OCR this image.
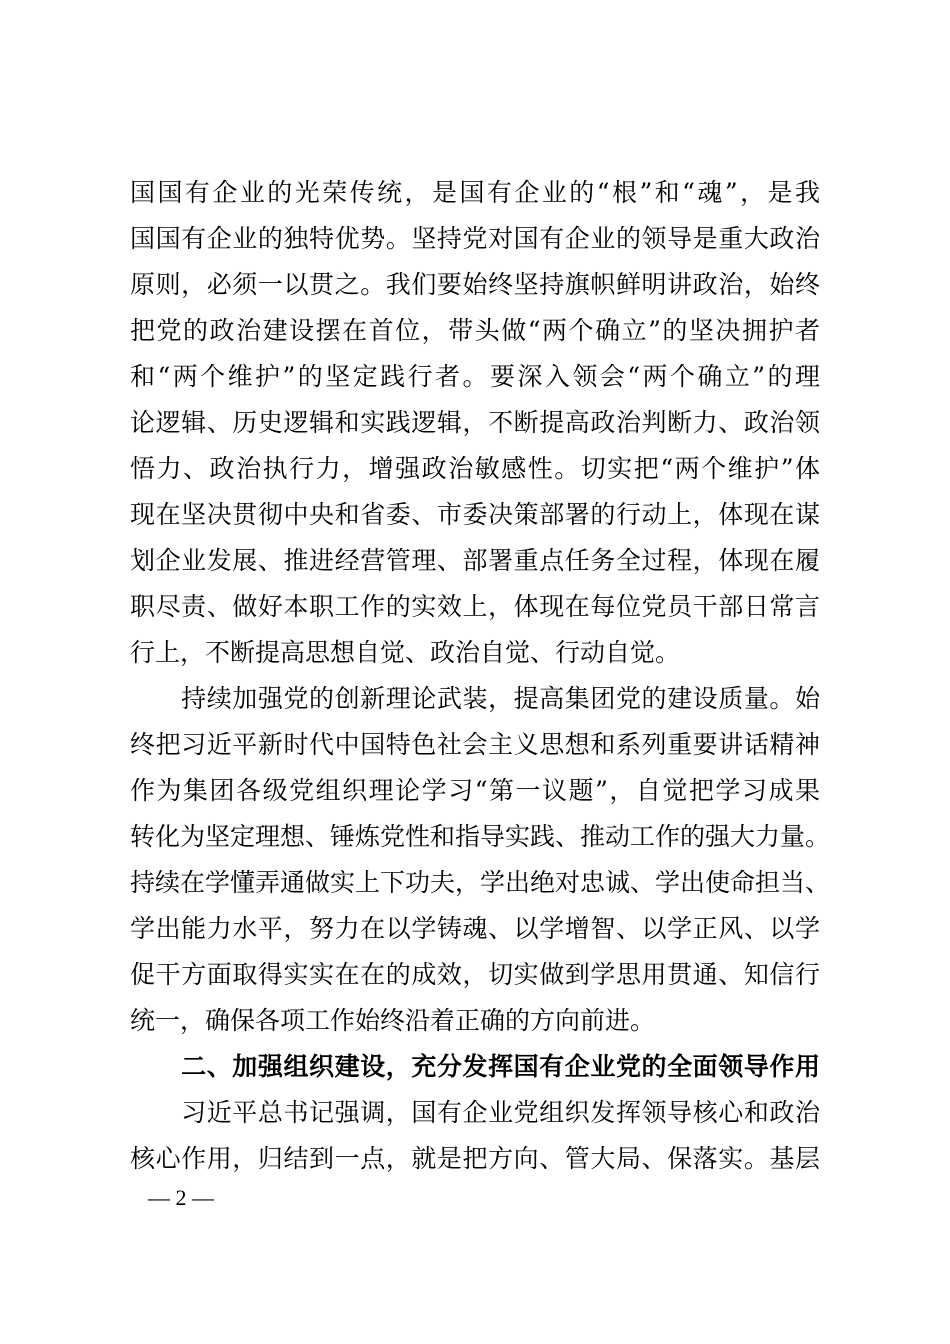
国国有企业的光荣传统，是国有企业的“根”和“魂”，是我
国国有企业的独特优势。坚持党对国有企业的领导是重大政治
原则，必须一以贯之。我们要始终坚持旗帜鲜明讲政治，始终
把党的政治建设摆在首位，带头做“两个确立”的坚决拥护者
和“两个维护”的坚定践行者。要深入领会“两个确立”的理
论逻辑、历史逻辑和实践逻辑，不断提高政治判断力、政治领
悟力、政治执行力，增强政治敏感性。切实把“两个维护”体
现在坚决贯彻中央和省委、市委决策部署的行动上，体现在谋
划企业发展、推进经营管理、部署重点任务全过程，体现在履
职尽责、做好本职工作的实效上，体现在每位党员干部日常言
行上，不断提高思想自觉、政治自觉、行动自觉。
　　持续加强党的创新理论武装，提高集团党的建设质量。始
终把习近平新时代中国特色社会主义思想和系列重要讲话精神
作为集团各级党组织理论学习“第一议题”，自觉把学习成果
转化为坚定理想、锤炼党性和指导实践、推动工作的强大力量。
持续在学懂弄通做实上下功夫，学出绝对忠诚、学出使命担当、
学出能力水平，努力在以学铸魂、以学增智、以学正风、以学
促干方面取得实实在在的成效，切实做到学思用贯通、知信行
统一，确保各项工作始终沿着正确的方向前进。
　　二、加强组织建设，充分发挥国有企业党的全面领导作用
　　习近平总书记强调，国有企业党组织发挥领导核心和政治
核心作用，归结到一点，就是把方向、管大局、保落实。基层
— 2 —
